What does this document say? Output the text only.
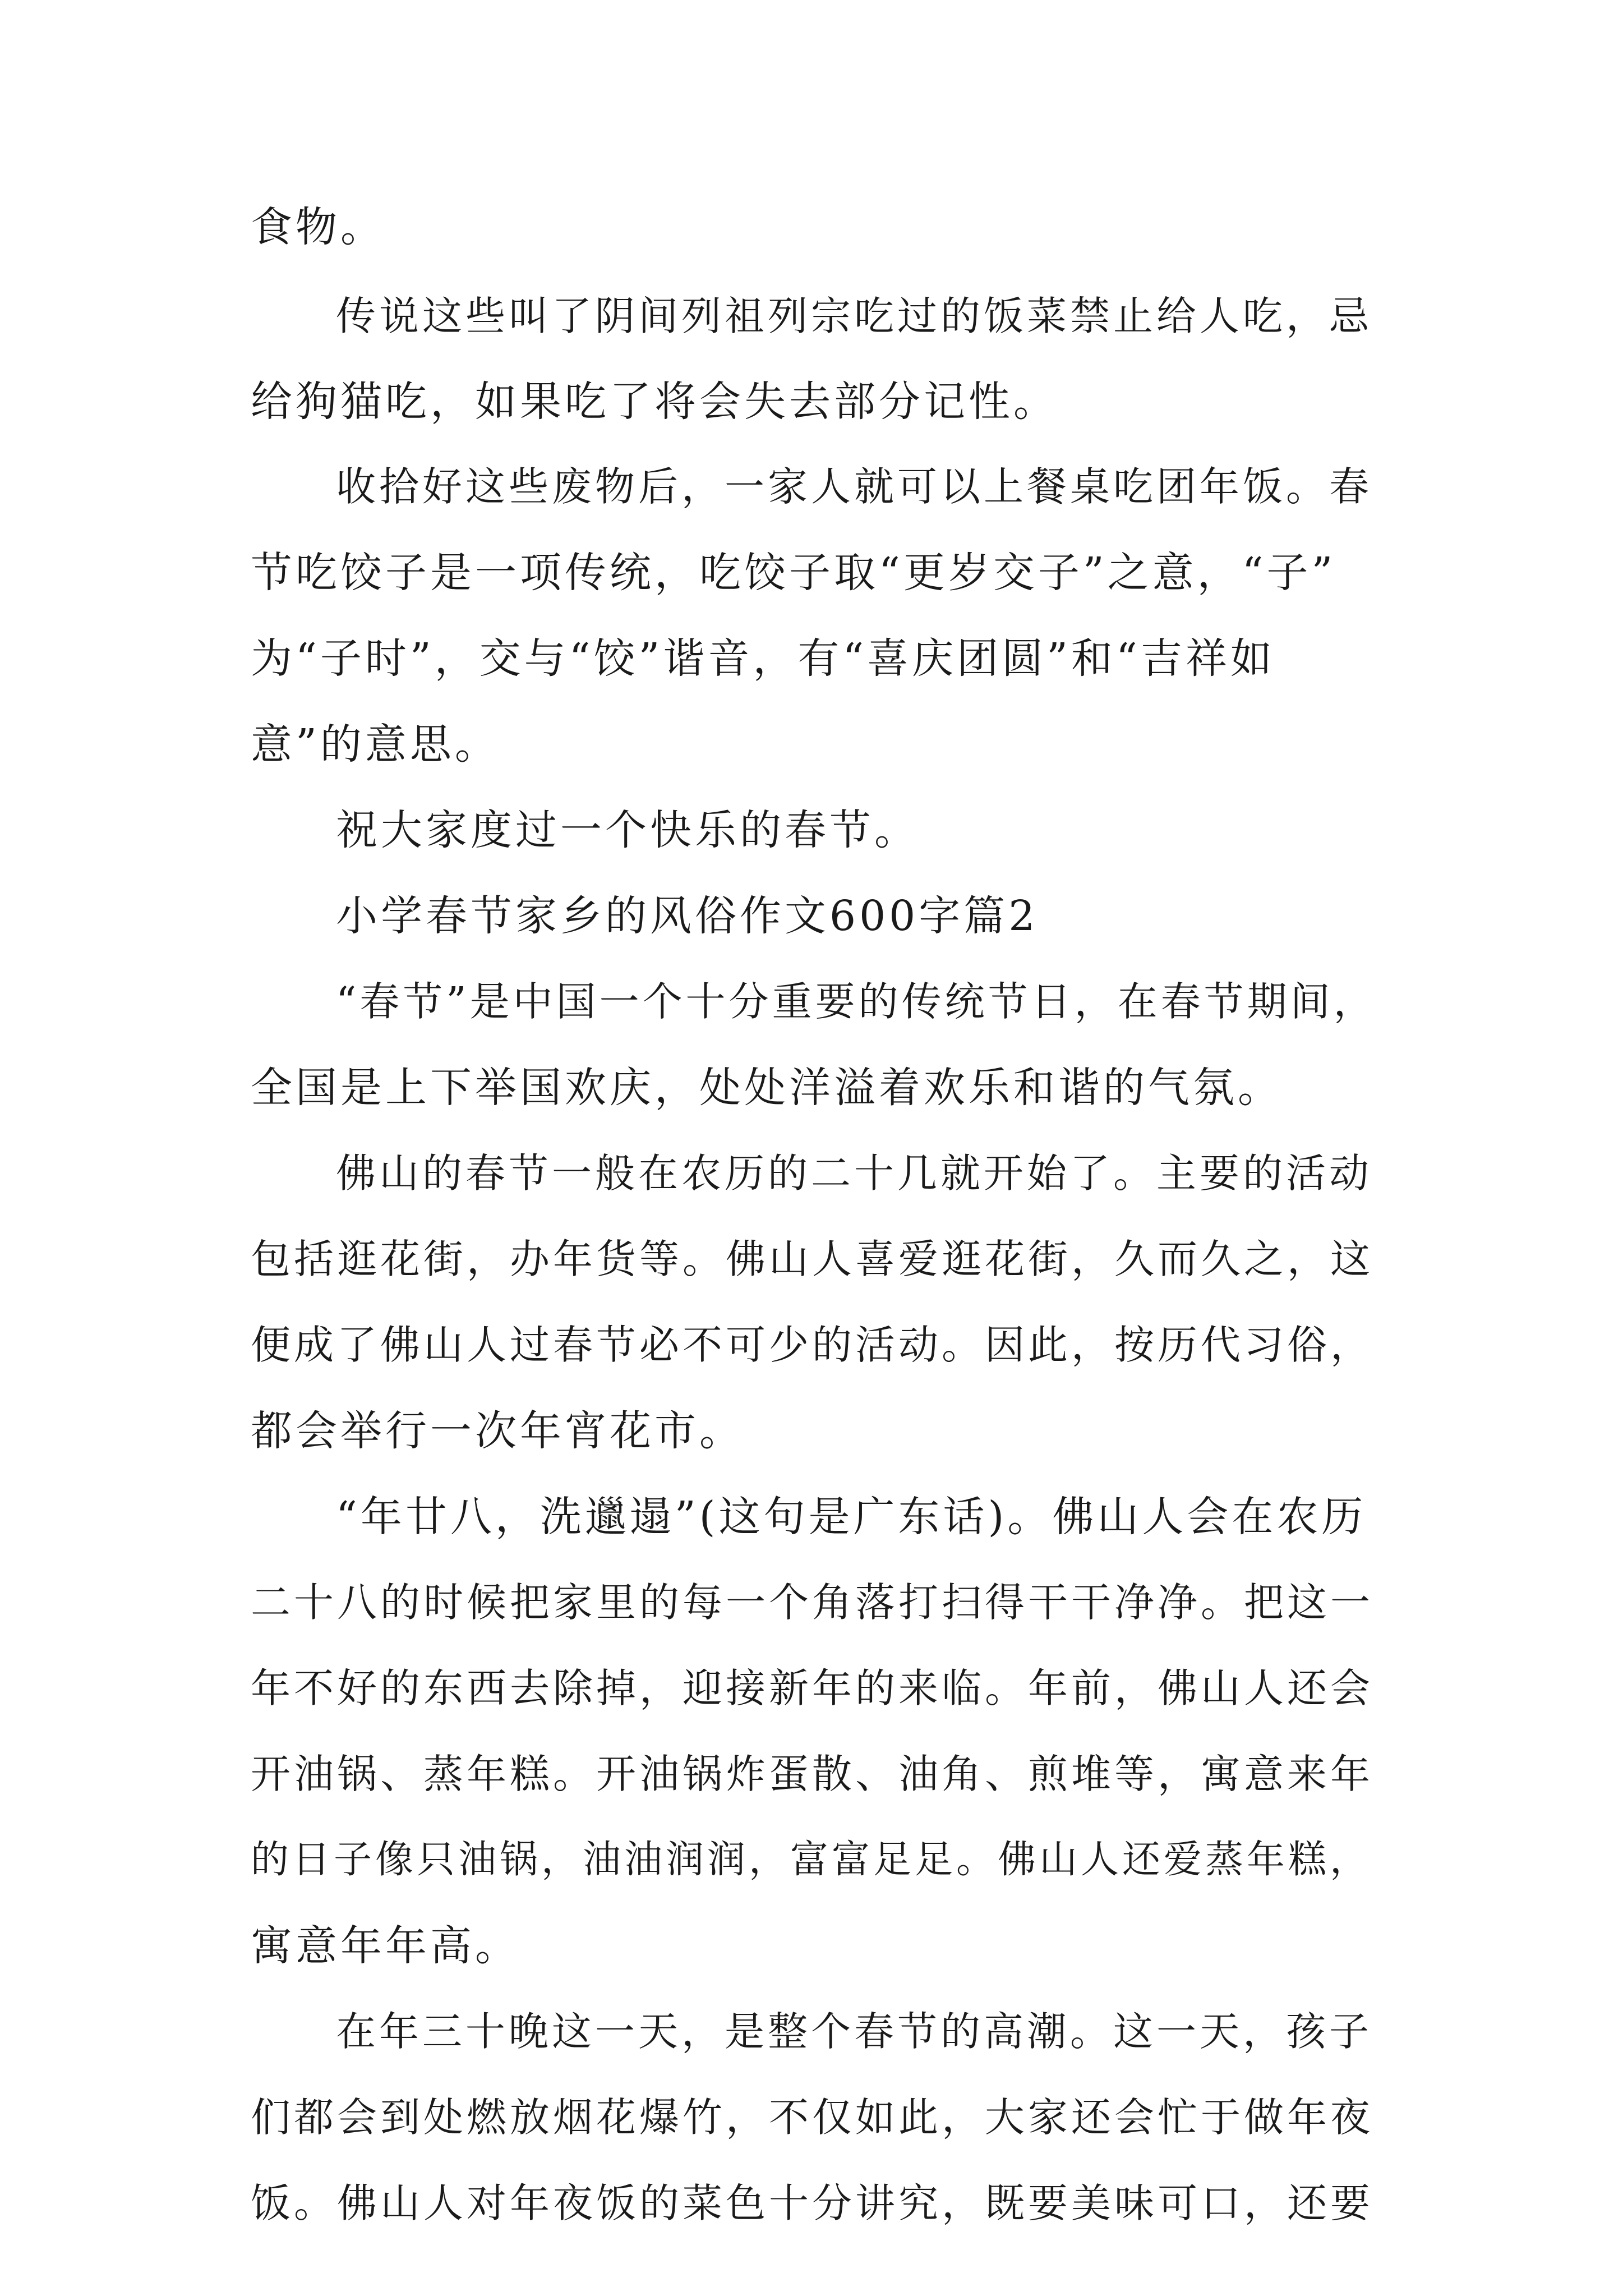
食物。
传说这些叫了阴间列祖列宗吃过的饭菜禁止给人吃，忌
给狗猫吃，如果吃了将会失去部分记性。
收拾好这些废物后，一家人就可以上餐桌吃团年饭。春
节吃饺子是一项传统，吃饺子取“更岁交子”之意，“子”
为“子时”，交与“饺”谐音，有“喜庆团圆”和“吉祥如
意”的意思。
祝大家度过一个快乐的春节。
小学春节家乡的风俗作文600字篇2
“春节”是中国一个十分重要的传统节日，在春节期间，
全国是上下举国欢庆，处处洋溢着欢乐和谐的气氛。
佛山的春节一般在农历的二十几就开始了。主要的活动
包括逛花街，办年货等。佛山人喜爱逛花街，久而久之，这
便成了佛山人过春节必不可少的活动。因此，按历代习俗，
都会举行一次年宵花市。
“年廿八，洗邋遢”(这句是广东话)。佛山人会在农历
二十八的时候把家里的每一个角落打扫得干干净净。把这一
年不好的东西去除掉，迎接新年的来临。年前，佛山人还会
开油锅、蒸年糕。开油锅炸蛋散、油角、煎堆等，寓意来年
的日子像只油锅，油油润润，富富足足。佛山人还爱蒸年糕，
寓意年年高。
在年三十晚这一天，是整个春节的高潮。这一天，孩子
们都会到处燃放烟花爆竹，不仅如此，大家还会忙于做年夜
饭。佛山人对年夜饭的菜色十分讲究，既要美味可口，还要
